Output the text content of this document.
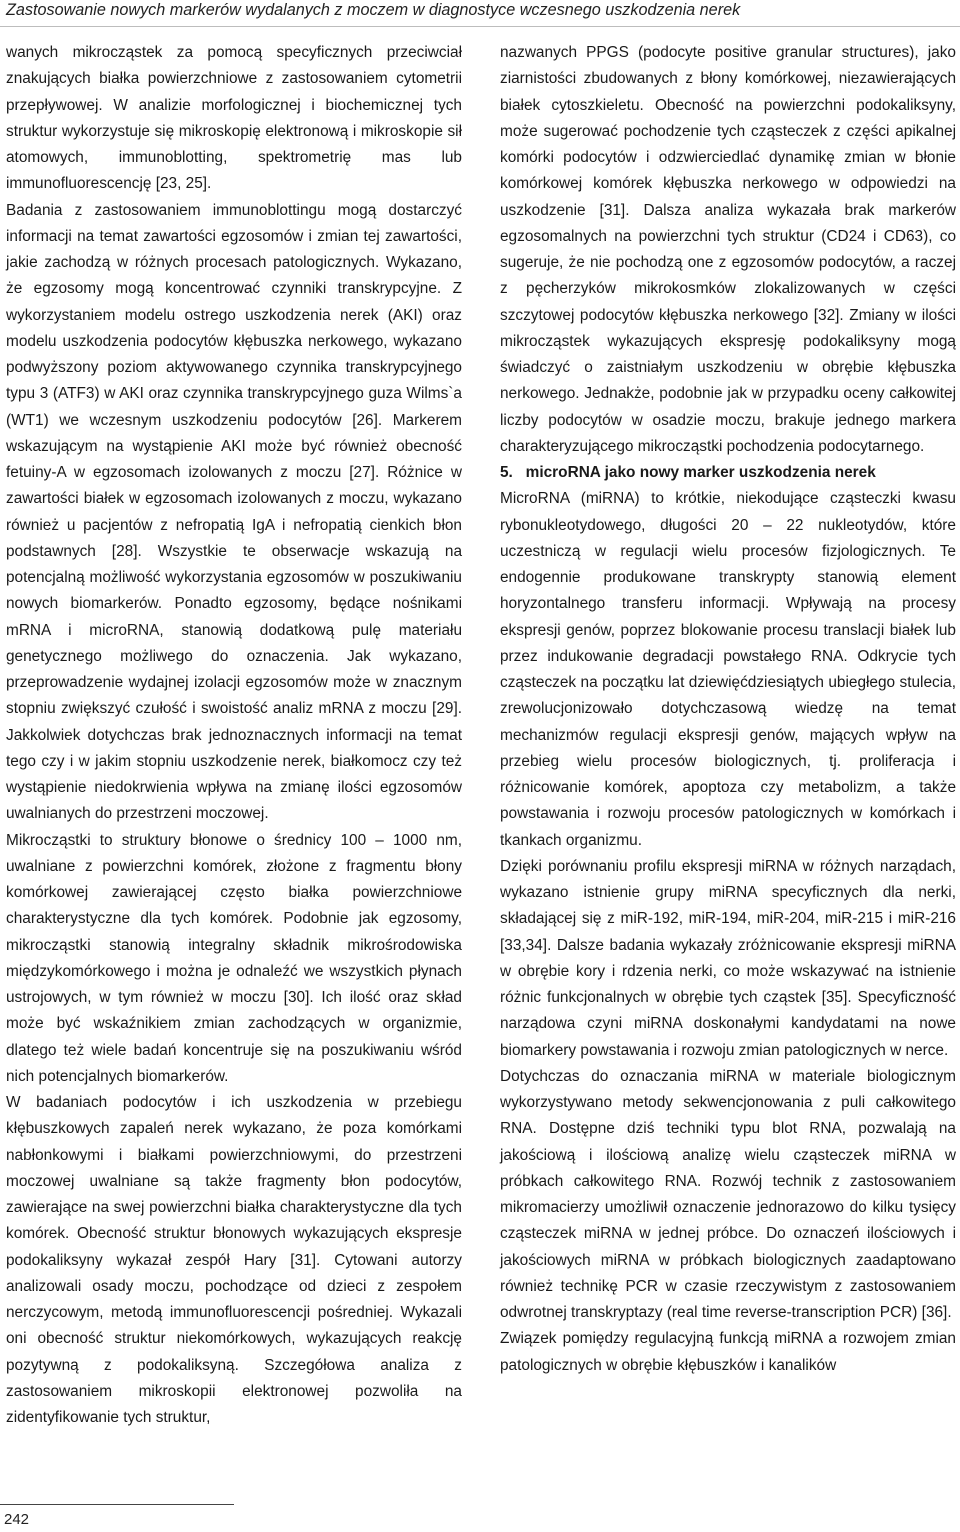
Zastosowanie nowych markerów wydalanych z moczem w diagnostyce wczesnego uszkodzenia nerek

wanych mikrocząstek za pomocą specyficznych przeciwciał znakujących białka powierzchniowe z zastosowaniem cytometrii przepływowej. W analizie morfologicznej i biochemicznej tych struktur wykorzystuje się mikroskopię elektronową i mikroskopie sił atomowych, immunoblotting, spektrometrię mas lub immunofluorescencję [23, 25].

Badania z zastosowaniem immunoblottingu mogą dostarczyć informacji na temat zawartości egzosomów i zmian tej zawartości, jakie zachodzą w różnych procesach patologicznych. Wykazano, że egzosomy mogą koncentrować czynniki transkrypcyjne. Z wykorzystaniem modelu ostrego uszkodzenia nerek (AKI) oraz modelu uszkodzenia podocytów kłębuszka nerkowego, wykazano podwyższony poziom aktywowanego czynnika transkrypcyjnego typu 3 (ATF3) w AKI oraz czynnika transkrypcyjnego guza Wilms`a (WT1) we wczesnym uszkodzeniu podocytów [26]. Markerem wskazującym na wystąpienie AKI może być również obecność fetuiny-A w egzosomach izolowanych z moczu [27]. Różnice w zawartości białek w egzosomach izolowanych z moczu, wykazano również u pacjentów z nefropatią IgA i nefropatią cienkich błon podstawnych [28]. Wszystkie te obserwacje wskazują na potencjalną możliwość wykorzystania egzosomów w poszukiwaniu nowych biomarkerów. Ponadto egzosomy, będące nośnikami mRNA i microRNA, stanowią dodatkową pulę materiału genetycznego możliwego do oznaczenia. Jak wykazano, przeprowadzenie wydajnej izolacji egzosomów może w znacznym stopniu zwiększyć czułość i swoistość analiz mRNA z moczu [29]. Jakkolwiek dotychczas brak jednoznacznych informacji na temat tego czy i w jakim stopniu uszkodzenie nerek, białkomocz czy też wystąpienie niedokrwienia wpływa na zmianę ilości egzosomów uwalnianych do przestrzeni moczowej.

Mikrocząstki to struktury błonowe o średnicy 100 – 1000 nm, uwalniane z powierzchni komórek, złożone z fragmentu błony komórkowej zawierającej często białka powierzchniowe charakterystyczne dla tych komórek. Podobnie jak egzosomy, mikrocząstki stanowią integralny składnik mikrośrodowiska międzykomórkowego i można je odnaleźć we wszystkich płynach ustrojowych, w tym również w moczu [30]. Ich ilość oraz skład może być wskaźnikiem zmian zachodzących w organizmie, dlatego też wiele badań koncentruje się na poszukiwaniu wśród nich potencjalnych biomarkerów.

W badaniach podocytów i ich uszkodzenia w przebiegu kłębuszkowych zapaleń nerek wykazano, że poza komórkami nabłonkowymi i białkami powierzchniowymi, do przestrzeni moczowej uwalniane są także fragmenty błon podocytów, zawierające na swej powierzchni białka charakterystyczne dla tych komórek. Obecność struktur błonowych wykazujących ekspresje podokaliksyny wykazał zespół Hary [31]. Cytowani autorzy analizowali osady moczu, pochodzące od dzieci z zespołem nerczycowym, metodą immunofluorescencji pośredniej. Wykazali oni obecność struktur niekomórkowych, wykazujących reakcję pozytywną z podokaliksyną. Szczegółowa analiza z zastosowaniem mikroskopii elektronowej pozwoliła na zidentyfikowanie tych struktur,

nazwanych PPGS (podocyte positive granular structures), jako ziarnistości zbudowanych z błony komórkowej, niezawierających białek cytoszkieletu. Obecność na powierzchni podokaliksyny, może sugerować pochodzenie tych cząsteczek z części apikalnej komórki podocytów i odzwierciedlać dynamikę zmian w błonie komórkowej komórek kłębuszka nerkowego w odpowiedzi na uszkodzenie [31]. Dalsza analiza wykazała brak markerów egzosomalnych na powierzchni tych struktur (CD24 i CD63), co sugeruje, że nie pochodzą one z egzosomów podocytów, a raczej z pęcherzyków mikrokosmków zlokalizowanych w części szczytowej podocytów kłębuszka nerkowego [32]. Zmiany w ilości mikrocząstek wykazujących ekspresję podokaliksyny mogą świadczyć o zaistniałym uszkodzeniu w obrębie kłębuszka nerkowego. Jednakże, podobnie jak w przypadku oceny całkowitej liczby podocytów w osadzie moczu, brakuje jednego markera charakteryzującego mikrocząstki pochodzenia podocytarnego.

5.   microRNA jako nowy marker uszkodzenia nerek

MicroRNA (miRNA) to krótkie, niekodujące cząsteczki kwasu rybonukleotydowego, długości 20 – 22 nukleotydów, które uczestniczą w regulacji wielu procesów fizjologicznych. Te endogennie produkowane transkrypty stanowią element horyzontalnego transferu informacji. Wpływają na procesy ekspresji genów, poprzez blokowanie procesu translacji białek lub przez indukowanie degradacji powstałego RNA. Odkrycie tych cząsteczek na początku lat dziewięćdziesiątych ubiegłego stulecia, zrewolucjonizowało dotychczasową wiedzę na temat mechanizmów regulacji ekspresji genów, mających wpływ na przebieg wielu procesów biologicznych, tj. proliferacja i różnicowanie komórek, apoptoza czy metabolizm, a także powstawania i rozwoju procesów patologicznych w komórkach i tkankach organizmu.

Dzięki porównaniu profilu ekspresji miRNA w różnych narządach, wykazano istnienie grupy miRNA specyficznych dla nerki, składającej się z miR-192, miR-194, miR-204, miR-215 i miR-216 [33,34]. Dalsze badania wykazały zróżnicowanie ekspresji miRNA w obrębie kory i rdzenia nerki, co może wskazywać na istnienie różnic funkcjonalnych w obrębie tych cząstek [35]. Specyficzność narządowa czyni miRNA doskonałymi kandydatami na nowe biomarkery powstawania i rozwoju zmian patologicznych w nerce.

Dotychczas do oznaczania miRNA w materiale biologicznym wykorzystywano metody sekwencjonowania z puli całkowitego RNA. Dostępne dziś techniki typu blot RNA, pozwalają na jakościową i ilościową analizę wielu cząsteczek miRNA w próbkach całkowitego RNA. Rozwój technik z zastosowaniem mikromacierzy umożliwił oznaczenie jednorazowo do kilku tysięcy cząsteczek miRNA w jednej próbce. Do oznaczeń ilościowych i jakościowych miRNA w próbkach biologicznych zaadaptowano również technikę PCR w czasie rzeczywistym z zastosowaniem odwrotnej transkryptazy (real time reverse-transcription PCR) [36].

Związek pomiędzy regulacyjną funkcją miRNA a rozwojem zmian patologicznych w obrębie kłębuszków i kanalików

242
